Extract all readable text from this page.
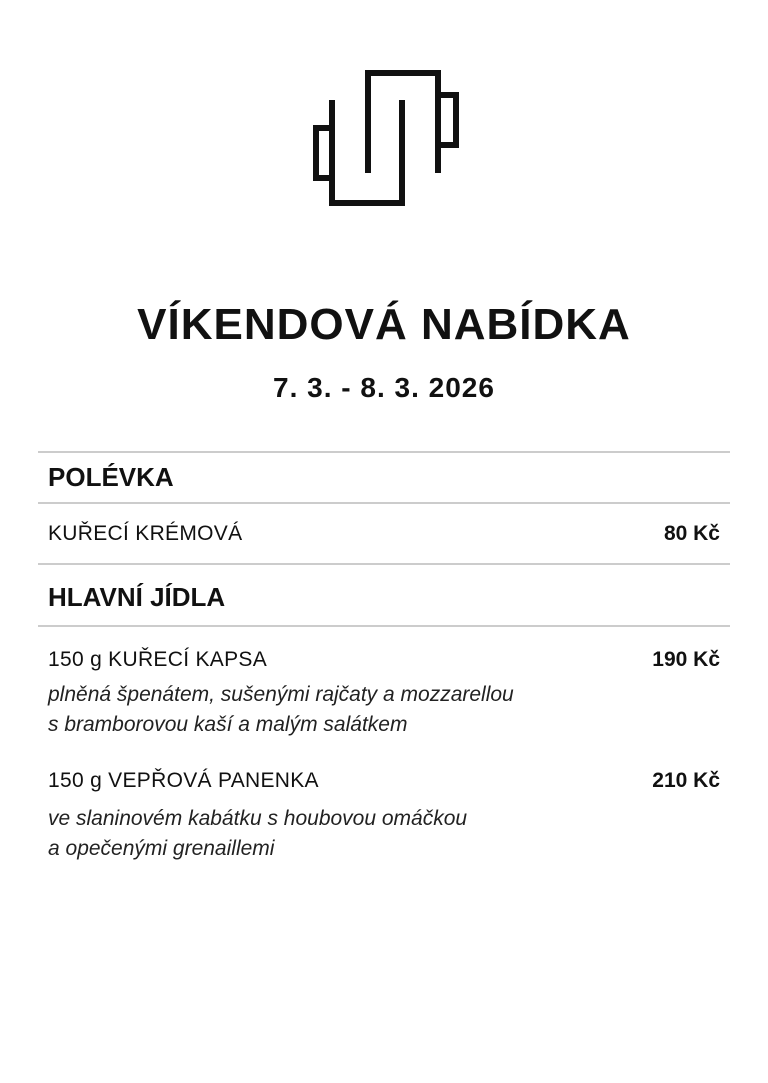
VÍKENDOVÁ NABÍDKA
7. 3. - 8. 3. 2026
POLÉVKA
KUŘECÍ KRÉMOVÁ	80 Kč
HLAVNÍ JÍDLA
150 g KUŘECÍ KAPSA	190 Kč
plněná špenátem, sušenými rajčaty a mozzarellou
s bramborovou kaší a malým salátkem
150 g VEPŘOVÁ PANENKA	210 Kč
ve slaninovém kabátku s houbovou omáčkou
a opečenými grenaillemi
